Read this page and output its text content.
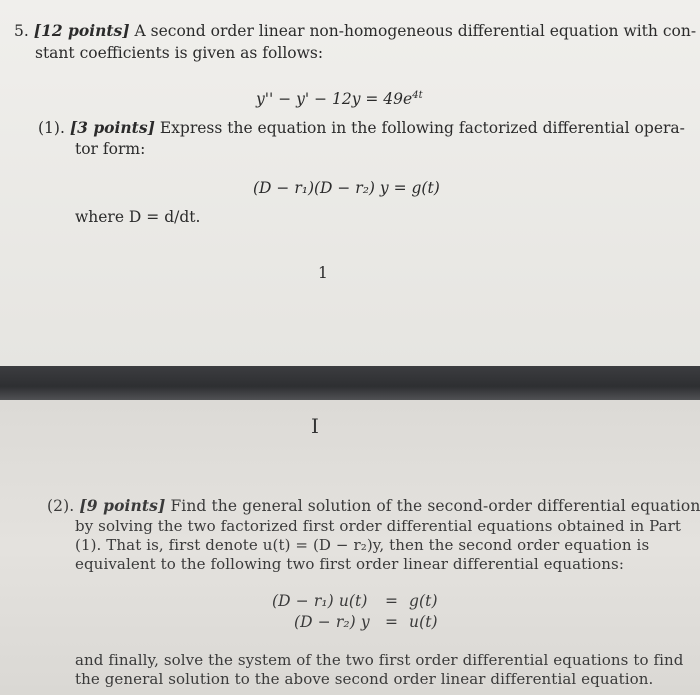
5. [12 points] A second order linear non-homogeneous differential equation with con-
stant coefficients is given as follows:
$y'' - y' - 12y = 49e^{4t}$
(1). [3 points] Express the equation in the following factorized differential opera-
tor form:
(D − r₁)(D − r₂) y = g(t)
where D = d/dt.
1
I
(2). [9 points] Find the general solution of the second-order differential equation
by solving the two factorized first order differential equations obtained in Part
(1). That is, first denote u(t) = (D − r₂)y, then the second order equation is
equivalent to the following two first order linear differential equations:
(D − r₁) u(t) = g(t)
(D − r₂) y = u(t)
and finally, solve the system of the two first order differential equations to find
the general solution to the above second order linear differential equation.
